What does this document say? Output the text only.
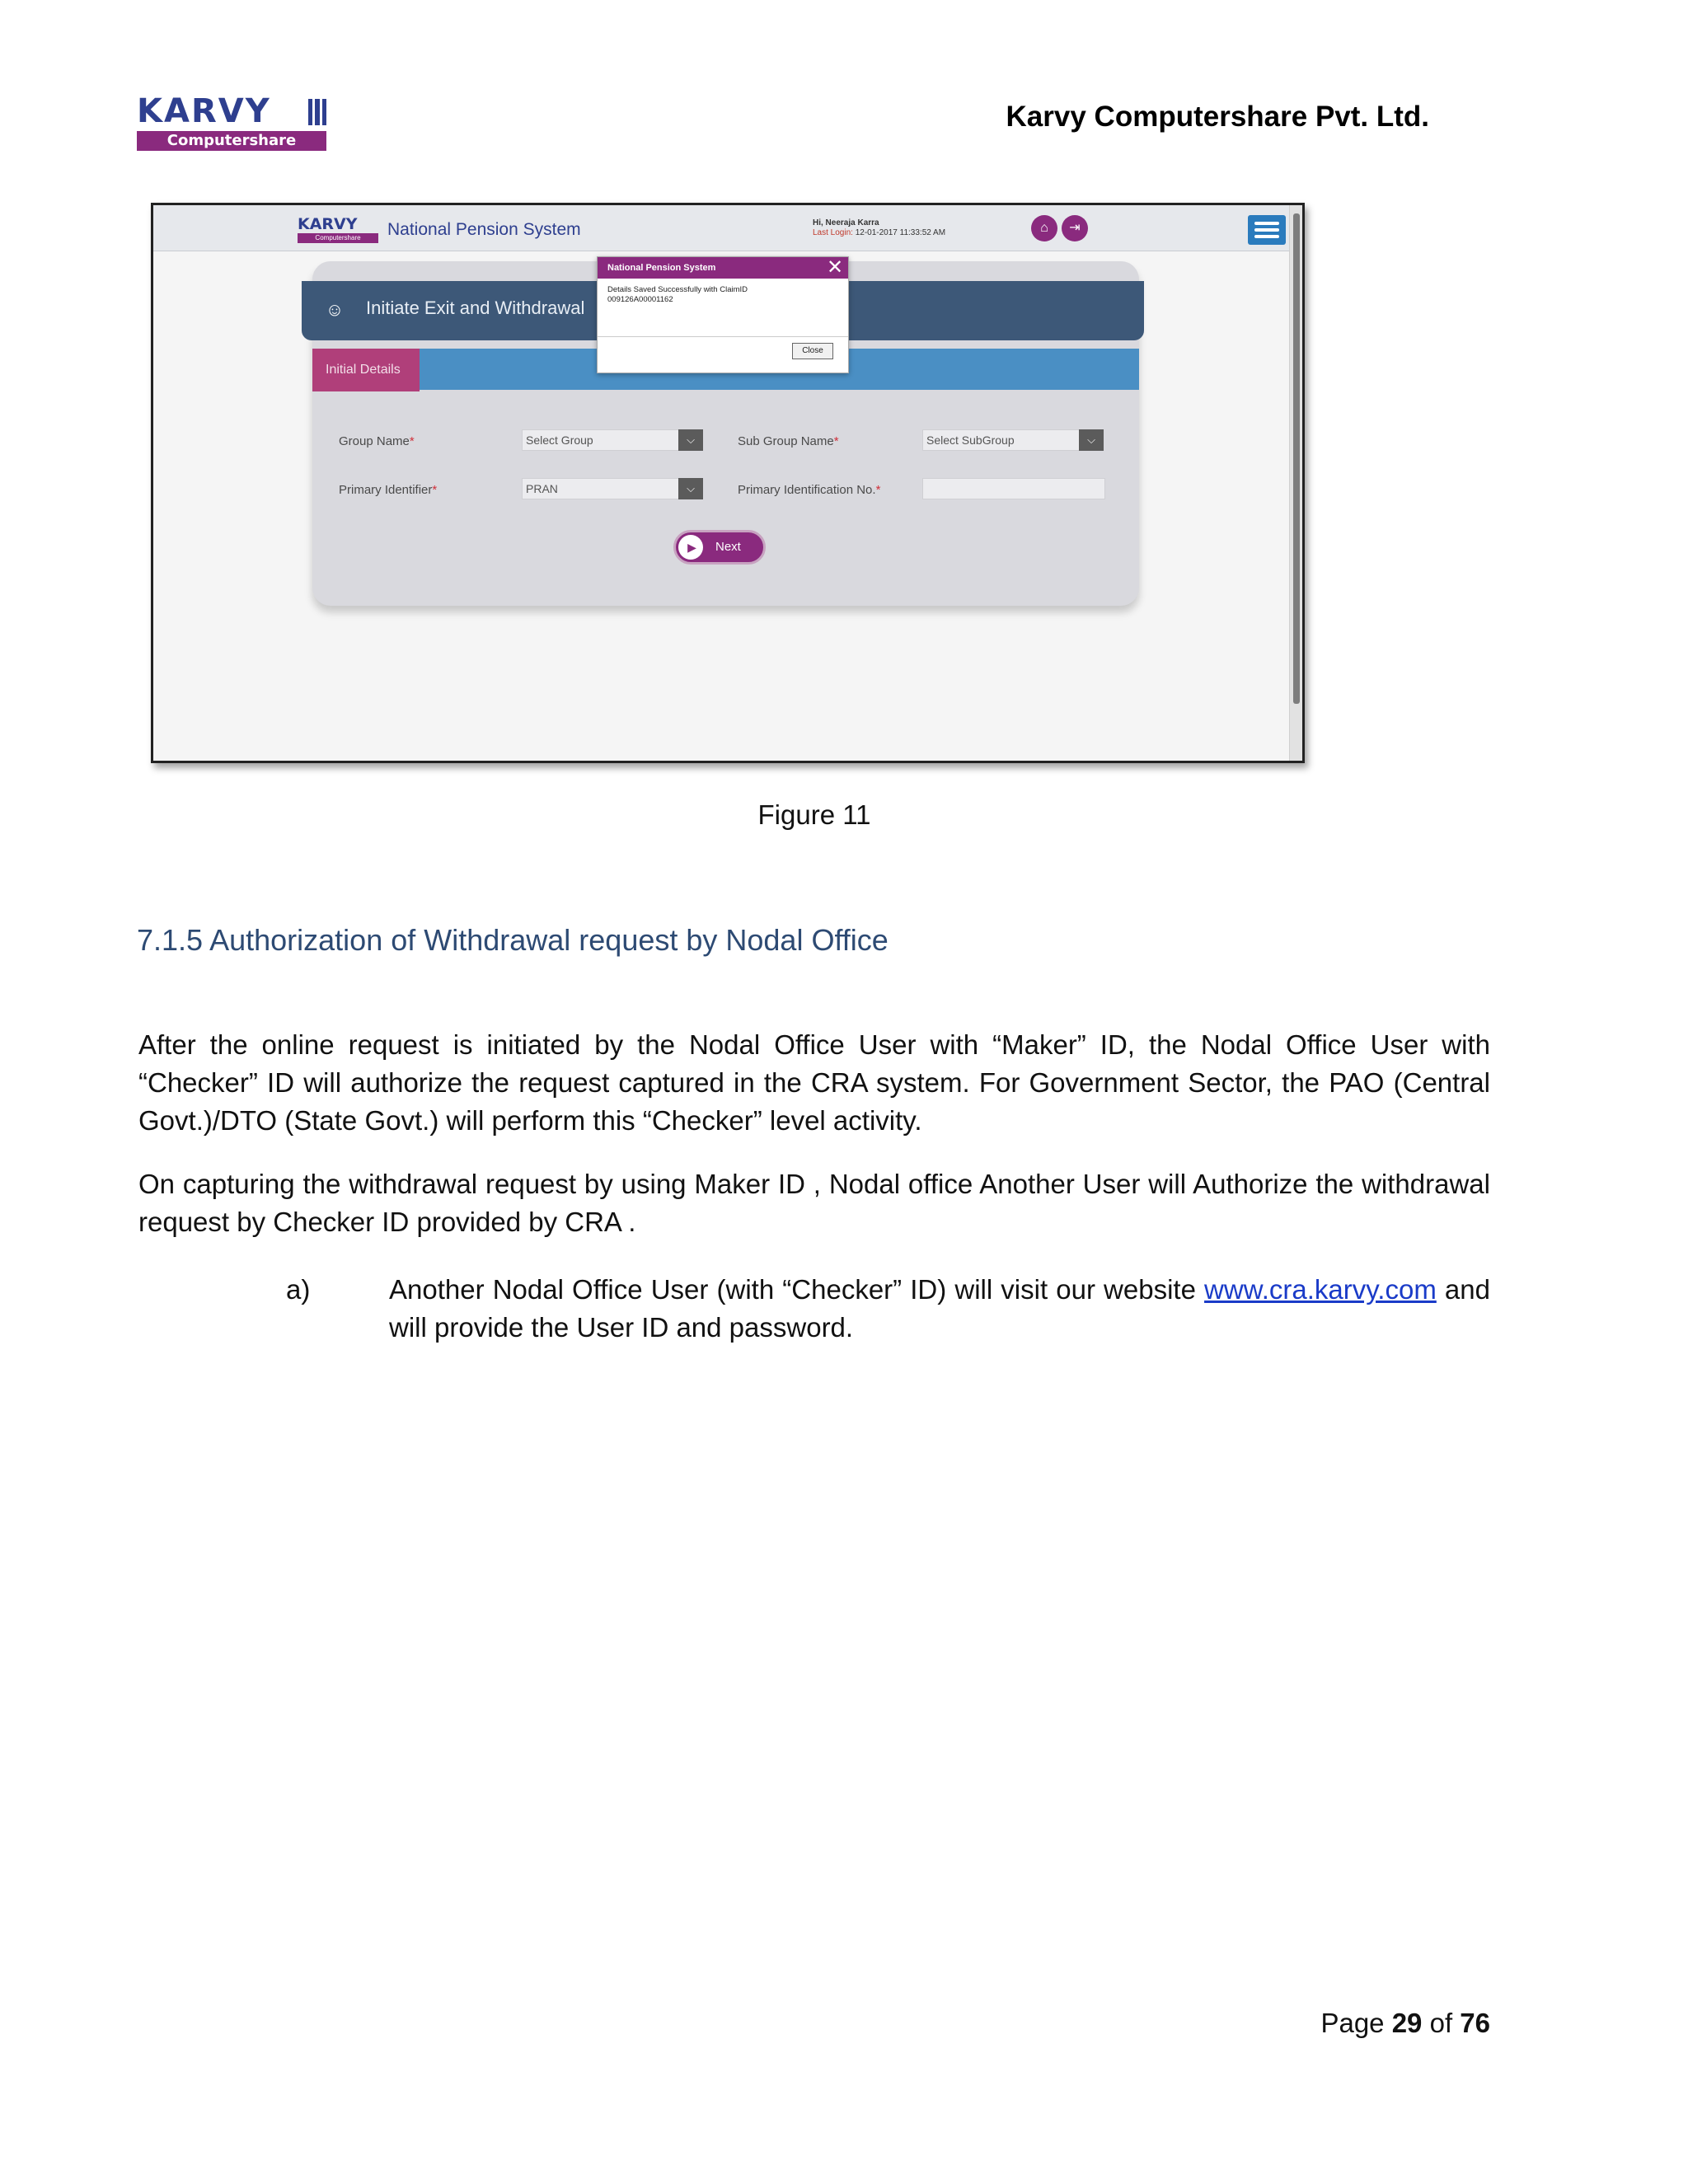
KARVY
Computershare
Karvy Computershare Pvt. Ltd.
KARVY
Computershare	National Pension System	Hi, Neeraja Karra
Last Login: 12-01-2017 11:33:52 AM	⌂	⇥
☺ Initiate Exit and Withdrawal
Initial Details
Group Name*	Select Group	⌵	Sub Group Name*	Select SubGroup	⌵
Primary Identifier*	PRAN	⌵	Primary Identification No.*
▶	Next
National Pension System	✕
Details Saved Successfully with ClaimID
009126A00001162
Close
Figure 11
7.1.5 Authorization of Withdrawal request by Nodal Office
After the online request is initiated by the Nodal Office User with “Maker” ID, the Nodal Office User with “Checker” ID will authorize the request captured in the CRA system. For Government Sector, the PAO (Central Govt.)/DTO (State Govt.) will perform this “Checker” level activity.
On capturing the withdrawal request by using Maker ID , Nodal office Another User will Authorize the withdrawal request by Checker ID provided by CRA .
a)	Another Nodal Office User (with “Checker” ID) will visit our website www.cra.karvy.com and will provide the User ID and password.
Page 29 of 76
